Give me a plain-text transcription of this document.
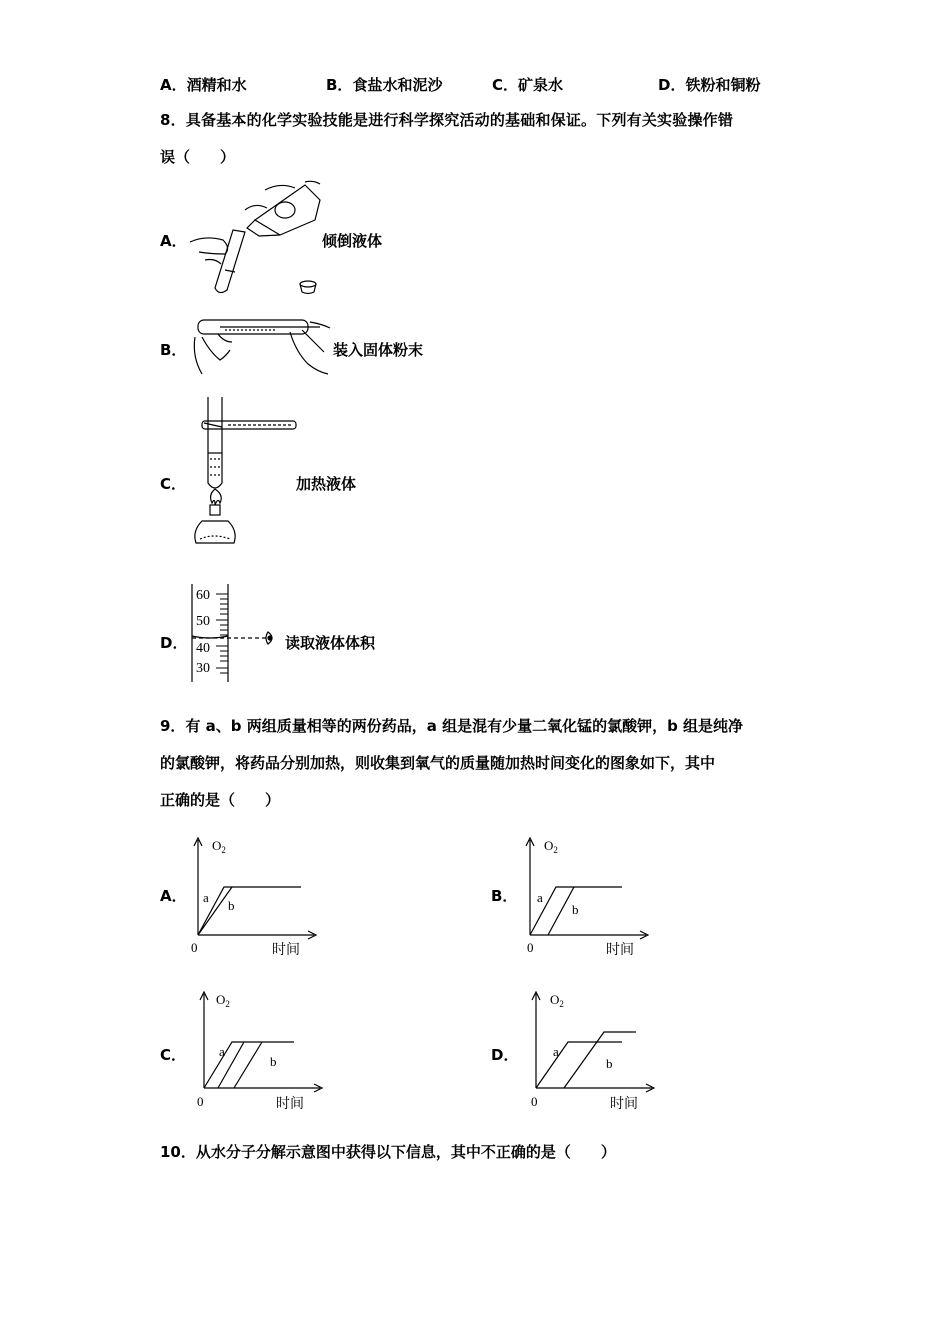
A．酒精和水	B．食盐水和泥沙	C．矿泉水	D．铁粉和铜粉
8．具备基本的化学实验技能是进行科学探究活动的基础和保证。下列有关实验操作错
误（　　）
A．	倾倒液体
B．	装入固体粉末
C．	加热液体
D．
60
50
40
30
读取液体体积
9．有 a、b 两组质量相等的两份药品，a 组是混有少量二氧化锰的氯酸钾，b 组是纯净
的氯酸钾，将药品分别加热，则收集到氧气的质量随加热时间变化的图象如下，其中
正确的是（　　）
A．
$O_2$
0	时间
a
b
B．
$O_2$
0	时间
a
b
C．
$O_2$
0	时间
a
b	D．
$O_2$
0	时间
a
b
10．从水分子分解示意图中获得以下信息，其中不正确的是（　　）
